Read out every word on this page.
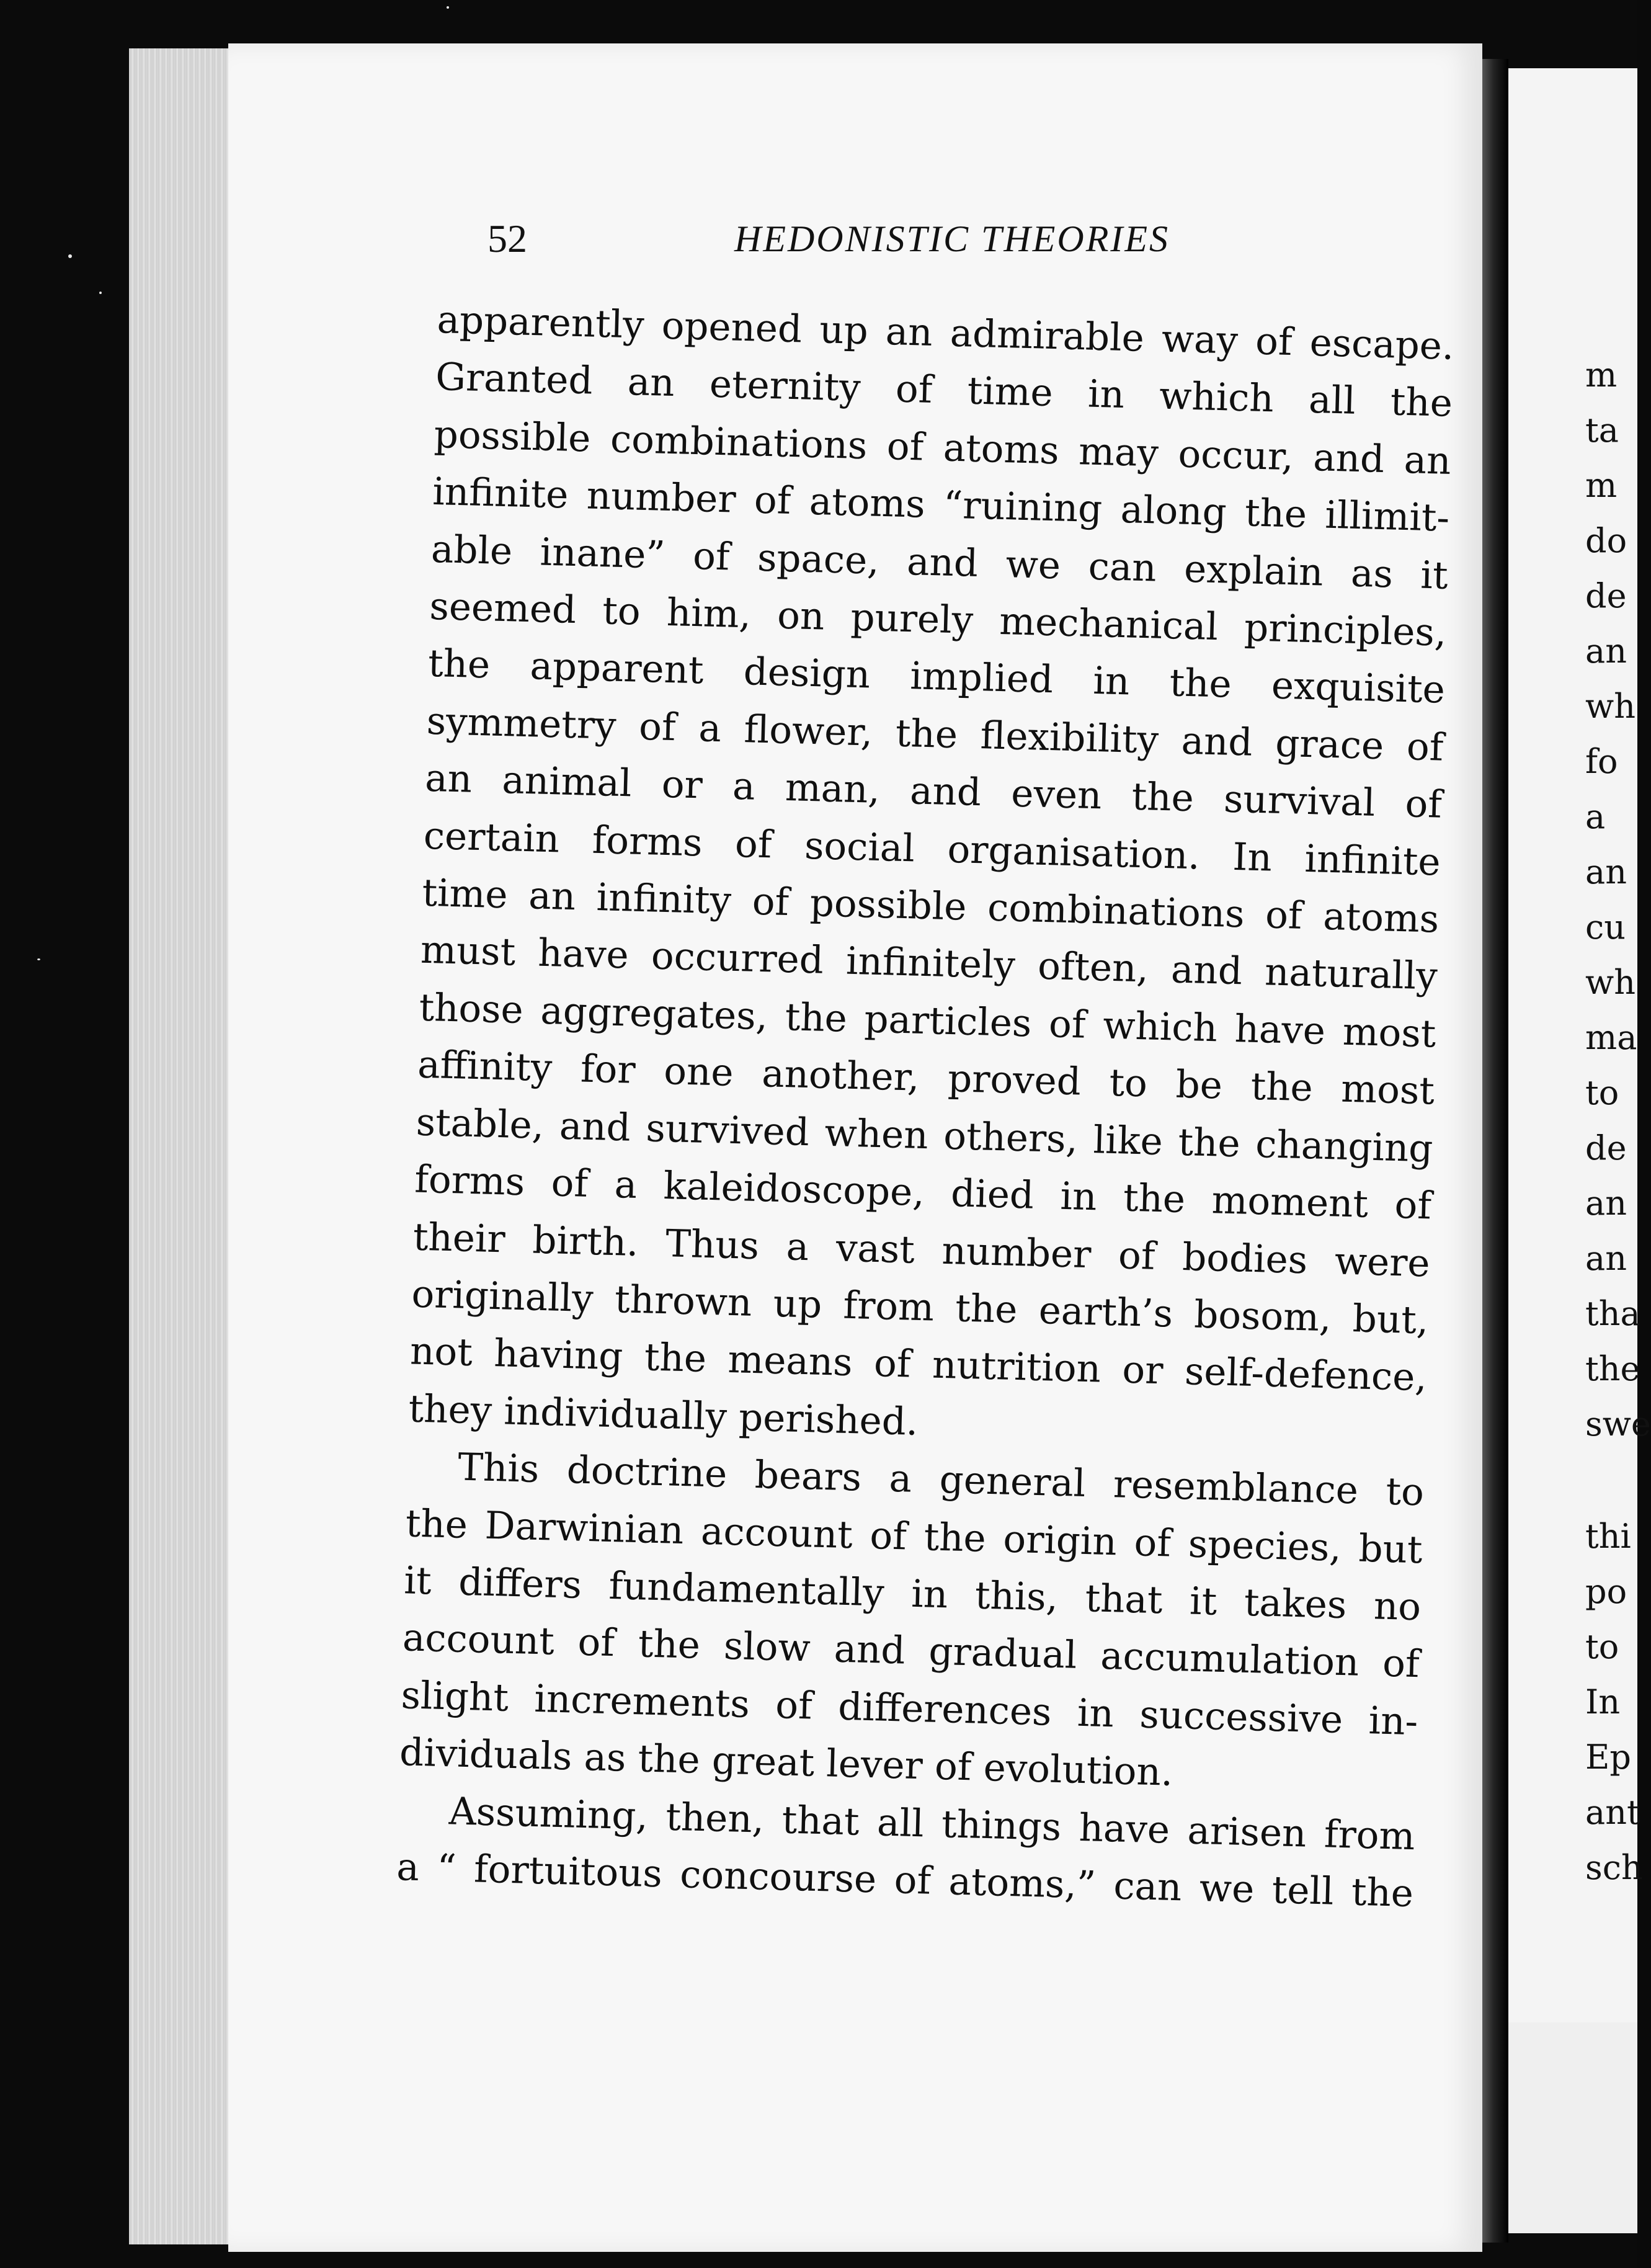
52	HEDONISTIC THEORIES
apparently opened up an admirable way of escape.
Granted an eternity of time in which all the
possible combinations of atoms may occur, and an
infinite number of atoms “ruining along the illimit-
able inane” of space, and we can explain as it
seemed to him, on purely mechanical principles,
the apparent design implied in the exquisite
symmetry of a flower, the flexibility and grace of
an animal or a man, and even the survival of
certain forms of social organisation. In infinite
time an infinity of possible combinations of atoms
must have occurred infinitely often, and naturally
those aggregates, the particles of which have most
affinity for one another, proved to be the most
stable, and survived when others, like the changing
forms of a kaleidoscope, died in the moment of
their birth. Thus a vast number of bodies were
originally thrown up from the earth’s bosom, but,
not having the means of nutrition or self-defence,
they individually perished.
This doctrine bears a general resemblance to
the Darwinian account of the origin of species, but
it differs fundamentally in this, that it takes no
account of the slow and gradual accumulation of
slight increments of differences in successive in-
dividuals as the great lever of evolution.
Assuming, then, that all things have arisen from
a “ fortuitous concourse of atoms,” can we tell the
m
ta
m
do
de
an
wh
fo
a
an
cu
wh
ma
to
de
an
an
tha
the
swe
thi
po
to
In
Ep
ant
sch
